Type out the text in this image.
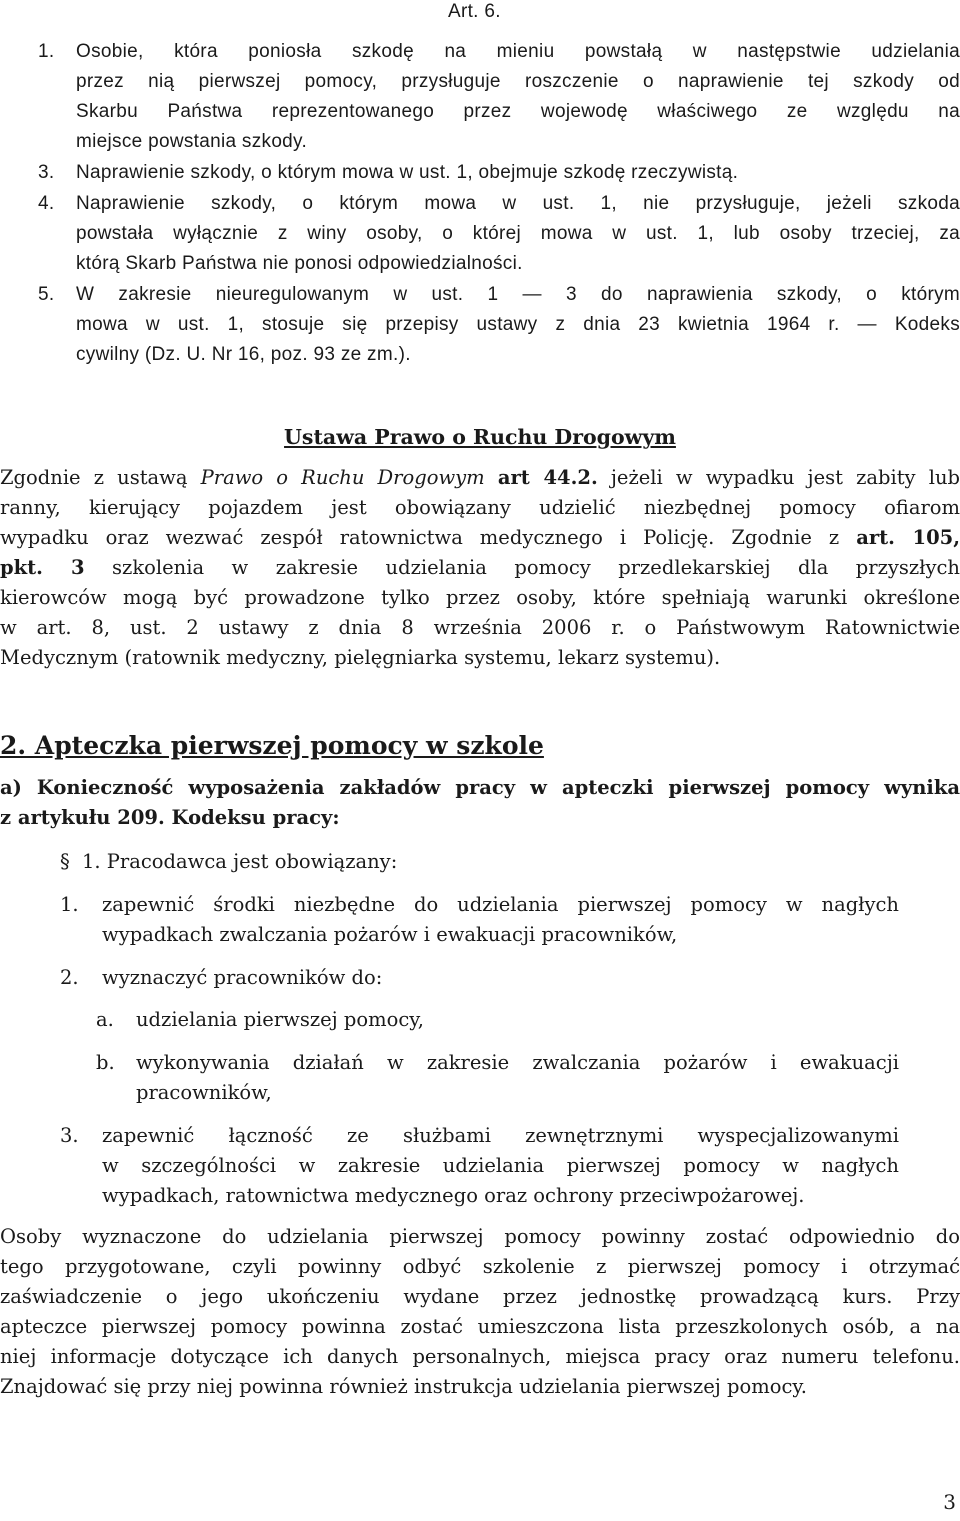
Art. 6.
1. Osobie, która poniosła szkodę na mieniu powstałą w następstwie udzielania
przez nią pierwszej pomocy, przysługuje roszczenie o naprawienie tej szkody od
Skarbu Państwa reprezentowanego przez wojewodę właściwego ze względu na
miejsce powstania szkody.
3. Naprawienie szkody, o którym mowa w ust. 1, obejmuje szkodę rzeczywistą.
4. Naprawienie szkody, o którym mowa w ust. 1, nie przysługuje, jeżeli szkoda
powstała wyłącznie z winy osoby, o której mowa w ust. 1, lub osoby trzeciej, za
którą Skarb Państwa nie ponosi odpowiedzialności.
5. W zakresie nieuregulowanym w ust. 1 — 3 do naprawienia szkody, o którym
mowa w ust. 1, stosuje się przepisy ustawy z dnia 23 kwietnia 1964 r. — Kodeks
cywilny (Dz. U. Nr 16, poz. 93 ze zm.).
Ustawa Prawo o Ruchu Drogowym
Zgodnie z ustawą Prawo o Ruchu Drogowym art 44.2. jeżeli w wypadku jest zabity lub
ranny, kierujący pojazdem jest obowiązany udzielić niezbędnej pomocy ofiarom
wypadku oraz wezwać zespół ratownictwa medycznego i Policję. Zgodnie z art. 105,
pkt. 3 szkolenia w zakresie udzielania pomocy przedlekarskiej dla przyszłych
kierowców mogą być prowadzone tylko przez osoby, które spełniają warunki określone
w art. 8, ust. 2 ustawy z dnia 8 września 2006 r. o Państwowym Ratownictwie
Medycznym (ratownik medyczny, pielęgniarka systemu, lekarz systemu).
2. Apteczka pierwszej pomocy w szkole
a) Konieczność wyposażenia zakładów pracy w apteczki pierwszej pomocy wynika
z artykułu 209. Kodeksu pracy:
§ 1. Pracodawca jest obowiązany:
1. zapewnić środki niezbędne do udzielania pierwszej pomocy w nagłych
wypadkach zwalczania pożarów i ewakuacji pracowników,
2. wyznaczyć pracowników do:
a. udzielania pierwszej pomocy,
b. wykonywania działań w zakresie zwalczania pożarów i ewakuacji
pracowników,
3. zapewnić łączność ze służbami zewnętrznymi wyspecjalizowanymi
w szczególności w zakresie udzielania pierwszej pomocy w nagłych
wypadkach, ratownictwa medycznego oraz ochrony przeciwpożarowej.
Osoby wyznaczone do udzielania pierwszej pomocy powinny zostać odpowiednio do
tego przygotowane, czyli powinny odbyć szkolenie z pierwszej pomocy i otrzymać
zaświadczenie o jego ukończeniu wydane przez jednostkę prowadzącą kurs. Przy
apteczce pierwszej pomocy powinna zostać umieszczona lista przeszkolonych osób, a na
niej informacje dotyczące ich danych personalnych, miejsca pracy oraz numeru telefonu.
Znajdować się przy niej powinna również instrukcja udzielania pierwszej pomocy.
3
